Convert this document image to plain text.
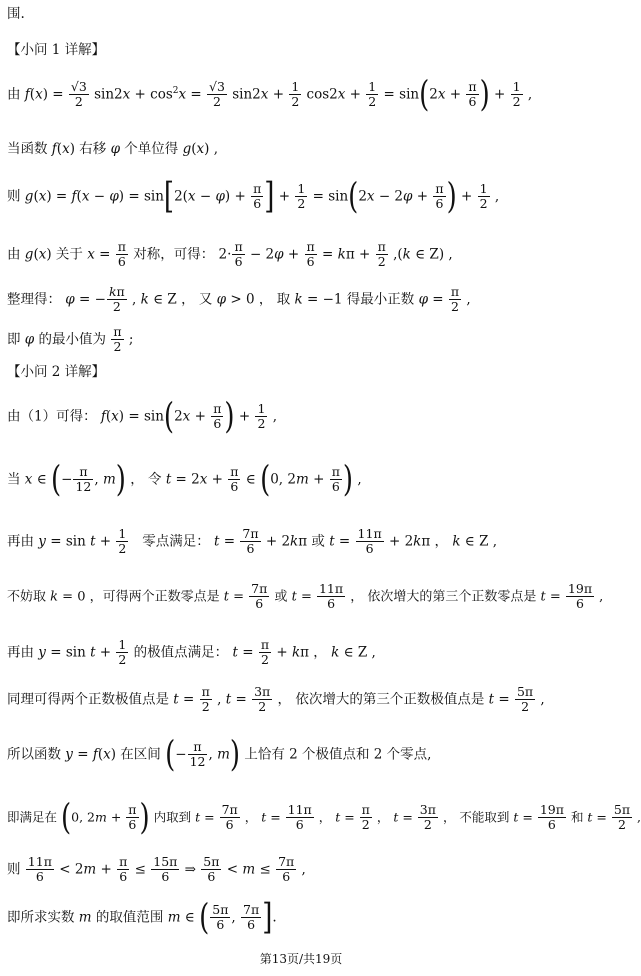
围.
【小问 1 详解】
由 $f(x) = \frac{√3}{2} \sin 2x + \cos^2x = \frac{√3}{2} \sin 2x + \frac{1}{2} \cos 2x + \frac{1}{2} = \sin(2x + \frac{\pi}{6}$ ) + $\frac{1}{2}$ ,
当函数 f(x) 右移 φ 个单位得 g(x) ,
则 $g(x) = f(x - \varphi) = \sin[2(x - \varphi) + \frac{\pi}{6}$ ] + $\frac{1}{2} = \sin(2x - 2\varphi + \frac{\pi}{6}$ ) + $\frac{1}{2}$ ,
由 g(x) 关于 $x = \frac{\pi}{6}$ 对称，可得： $2\cdot \frac{\pi}{6} - 2\varphi + \frac{\pi}{6} = k\pi + \frac{\pi}{2} ,(k$ ∈ Z) ,
整理得： φ = − $\frac{k\pi}{2}$ , k ∈ Z ， 又 φ > 0 ， 取 k = −1 得最小正数 $\varphi = \frac{\pi}{2}$ ,
即 φ 的最小值为 $\frac{\pi}{2}$ ;
【小问 2 详解】
由（1）可得： $f(x) = \sin(2x + \frac{\pi}{6}$ ) + $\frac{1}{2}$ ,
当 x ∈ (− $\frac{\pi}{12}$ , m) ， 令 $t = 2x + \frac{\pi}{6}$ ∈ (0, $2m + \frac{\pi}{6}$ ) ,
再由 $y = \sin t + \frac{1}{2}$ 零点满足： $t = \frac{7\pi}{6} + 2k\pi$ 或 $t = \frac{11\pi}{6} + 2k\pi$ ， k ∈ Z ,
不妨取 k = 0 ，可得两个正数零点是 $t = \frac{7\pi}{6}$ 或 $t = \frac{11\pi}{6}$ ， 依次增大的第三个正数零点是 $t = \frac{19\pi}{6}$ ,
再由 $y = \sin t + \frac{1}{2}$ 的极值点满足： $t = \frac{\pi}{2} + k\pi$ ， k ∈ Z ,
同理可得两个正数极值点是 $t = \frac{\pi}{2}$ , $t = \frac{3\pi}{2}$ ， 依次增大的第三个正数极值点是 $t = \frac{5\pi}{2}$ ,
所以函数 y = f(x) 在区间 (− $\frac{\pi}{12}$ , m) 上恰有 2 个极值点和 2 个零点,
即满足在 (0, $2m + \frac{\pi}{6}$ ) 内取到 $t = \frac{7\pi}{6}$ ， $t = \frac{11\pi}{6}$ ， $t = \frac{\pi}{2}$ ， $t = \frac{3\pi}{2}$ ， 不能取到 $t = \frac{19\pi}{6}$ 和 $t = \frac{5\pi}{2}$ ,
则 $\frac{11\pi}{6} < 2m + \frac{\pi}{6} \le \frac{15\pi}{6}$ ⇒ $\frac{5\pi}{6} < m \le \frac{7\pi}{6}$ ,
即所求实数 m 的取值范围 m ∈ ( $\frac{5\pi}{6}$ , $\frac{7\pi}{6}$ ].
第13页/共19页
